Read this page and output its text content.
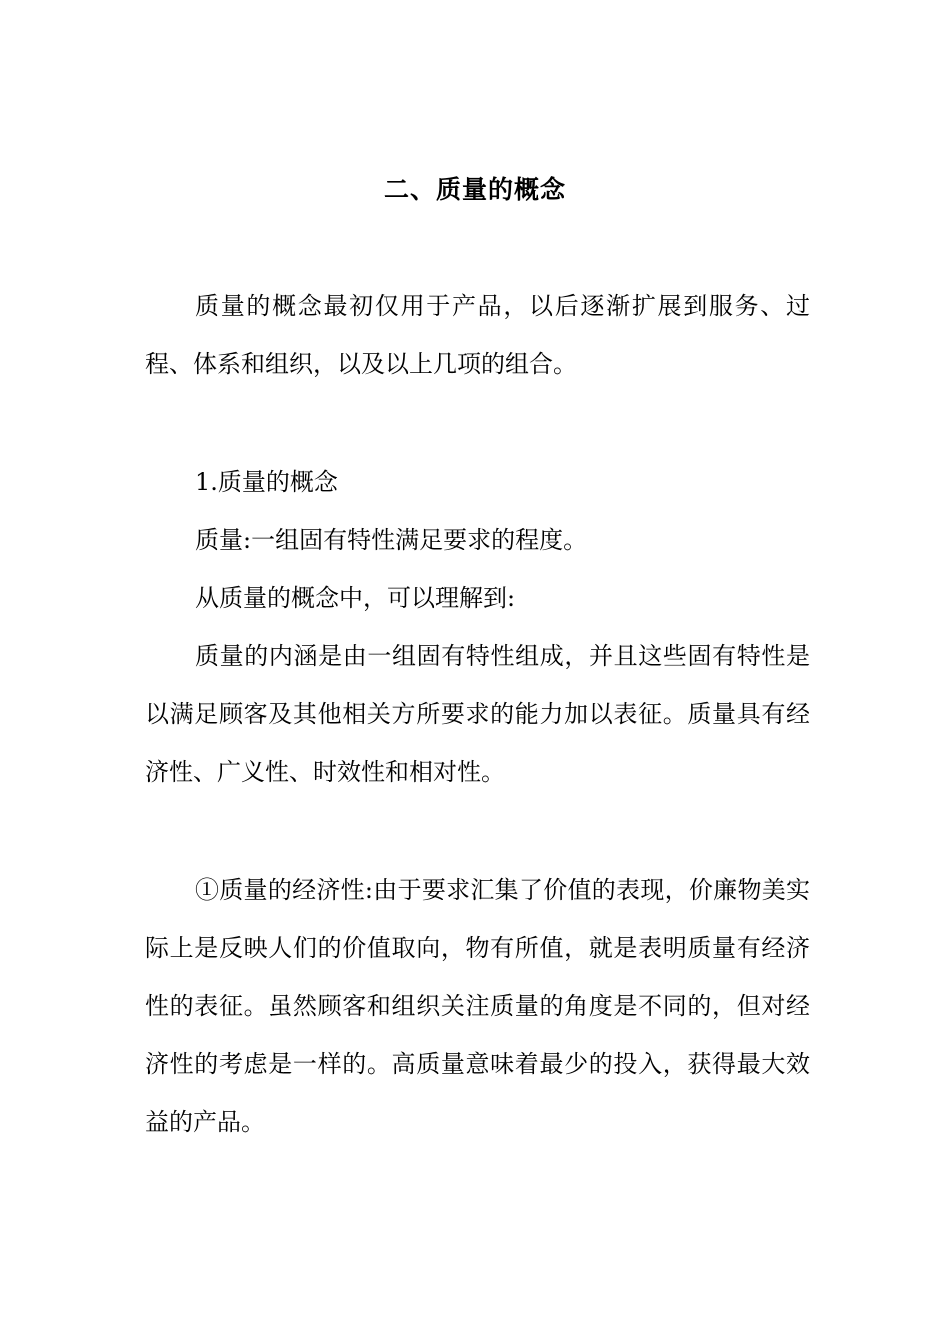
二、质量的概念

质量的概念最初仅用于产品，以后逐渐扩展到服务、过程、体系和组织，以及以上几项的组合。

1.质量的概念

质量:一组固有特性满足要求的程度。

从质量的概念中，可以理解到:

质量的内涵是由一组固有特性组成，并且这些固有特性是以满足顾客及其他相关方所要求的能力加以表征。质量具有经济性、广义性、时效性和相对性。

①质量的经济性:由于要求汇集了价值的表现，价廉物美实际上是反映人们的价值取向，物有所值，就是表明质量有经济性的表征。虽然顾客和组织关注质量的角度是不同的，但对经济性的考虑是一样的。高质量意味着最少的投入，获得最大效益的产品。
